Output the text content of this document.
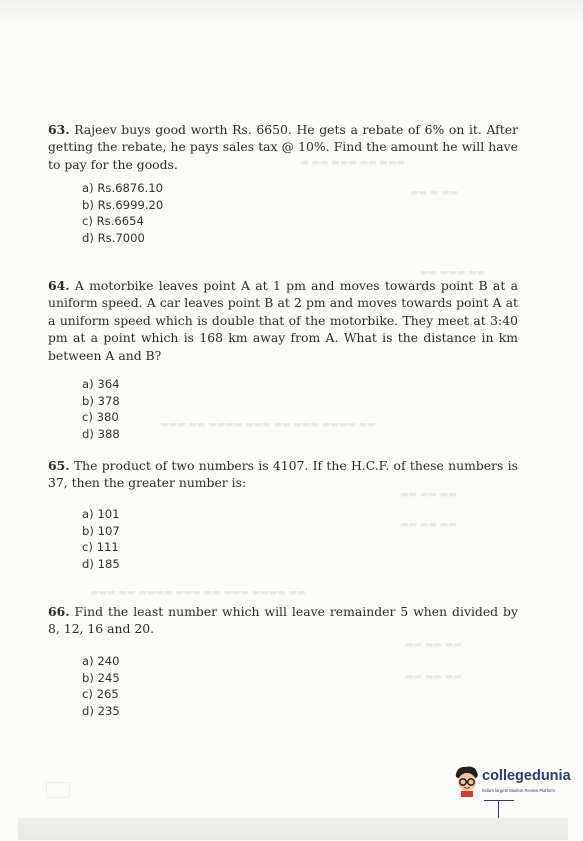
▬ ▬▬ ▬▬▬ ▬▬ ▬▬▬
▬▬ ▬ ▬▬
▬▬ ▬▬▬ ▬▬
▬▬▬ ▬▬ ▬▬▬▬ ▬▬▬ ▬▬ ▬▬▬ ▬▬▬▬ ▬▬
▬▬ ▬▬ ▬▬
▬▬ ▬▬ ▬▬
▬▬▬ ▬▬ ▬▬▬▬ ▬▬▬ ▬▬ ▬▬▬ ▬▬▬▬ ▬▬
▬▬ ▬▬ ▬▬
▬▬ ▬▬ ▬▬
63. Rajeev buys good worth Rs. 6650. He gets a rebate of 6% on it. After getting the rebate, he pays sales tax @ 10%. Find the amount he will have to pay for the goods.
a) Rs.6876.10
b) Rs.6999.20
c) Rs.6654
d) Rs.7000
64. A motorbike leaves point A at 1 pm and moves towards point B at a uniform speed. A car leaves point B at 2 pm and moves towards point A at a uniform speed which is double that of the motorbike. They meet at 3:40 pm at a point which is 168 km away from A. What is the distance in km between A and B?
a) 364
b) 378
c) 380
d) 388
65. The product of two numbers is 4107. If the H.C.F. of these numbers is 37, then the greater number is:
a) 101
b) 107
c) 111
d) 185
66. Find the least number which will leave remainder 5 when divided by 8, 12, 16 and 20.
a) 240
b) 245
c) 265
d) 235
collegedunia
India's largest Student Review Platform
